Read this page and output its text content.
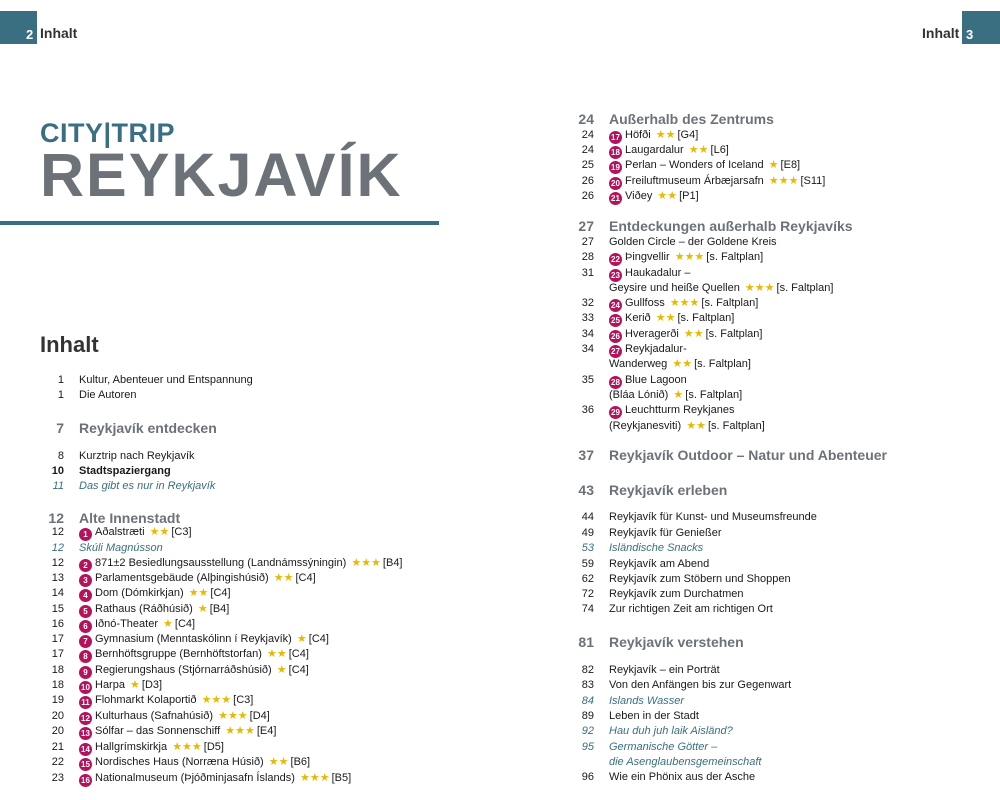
2 Inhalt	3
Inhalt
CITY|TRIP
REYKJAVÍK
Inhalt
1 Kultur, Abenteuer und Entspannung
1 Die Autoren
7 Reykjavík entdecken
8 Kurztrip nach Reykjavík
10 Stadtspaziergang
11 Das gibt es nur in Reykjavík
12 Alte Innenstadt
12	1 Aðalstræti ★★ [C3]
12 Skúli Magnússon
12	2 871±2 Besiedlungsausstellung (Landnámssýningin) ★★★ [B4]
13	3 Parlamentsgebäude (Alþingishúsið) ★★ [C4]
14	4 Dom (Dómkirkjan) ★★ [C4]
15	5 Rathaus (Ráðhúsið) ★ [B4]
16	6 Iðnó-Theater ★ [C4]
17	7 Gymnasium (Menntaskólinn í Reykjavík) ★ [C4]
17	8 Bernhöftsgruppe (Bernhöftstorfan) ★★ [C4]
18	9 Regierungshaus (Stjórnarráðshúsið) ★ [C4]
18 10 Harpa ★ [D3]
19 11 Flohmarkt Kolaportið ★★★ [C3]
20 12 Kulturhaus (Safnahúsið) ★★★ [D4]
20 13 Sólfar – das Sonnenschiff ★★★ [E4]
21 14 Hallgrímskirkja ★★★ [D5]
22 15 Nordisches Haus (Norræna Húsið) ★★ [B6]
23 16 Nationalmuseum (Þjóðminjasafn Íslands) ★★★ [B5]
24 Außerhalb des Zentrums
24 17 Höfði ★★ [G4]
24 18 Laugardalur ★★ [L6]
25 19 Perlan – Wonders of Iceland ★ [E8]
26 20 Freiluftmuseum Árbæjarsafn ★★★ [S11]
26 21 Viðey ★★ [P1]
27 Entdeckungen außerhalb Reykjavíks
27 Golden Circle – der Goldene Kreis
28 22 Þingvellir ★★★ [s. Faltplan]
31 23 Haukadalur –
Geysire und heiße Quellen ★★★ [s. Faltplan]
32 24 Gullfoss ★★★ [s. Faltplan]
33 25 Kerið ★★ [s. Faltplan]
34 26 Hveragerði ★★ [s. Faltplan]
34 27 Reykjadalur-
Wanderweg ★★ [s. Faltplan]
35 28 Blue Lagoon
(Bláa Lónið) ★ [s. Faltplan]
36 29 Leuchtturm Reykjanes
(Reykjanesviti) ★★ [s. Faltplan]
37 Reykjavík Outdoor – Natur und Abenteuer
43 Reykjavík erleben
44 Reykjavík für Kunst- und Museumsfreunde
49 Reykjavík für Genießer
53 Isländische Snacks
59 Reykjavík am Abend
62 Reykjavík zum Stöbern und Shoppen
72 Reykjavík zum Durchatmen
74 Zur richtigen Zeit am richtigen Ort
81 Reykjavík verstehen
82 Reykjavík – ein Porträt
83 Von den Anfängen bis zur Gegenwart
84 Islands Wasser
89 Leben in der Stadt
92 Hau duh juh laik Aisländ?
95 Germanische Götter –
die Asenglaubensgemeinschaft
96 Wie ein Phönix aus der Asche
